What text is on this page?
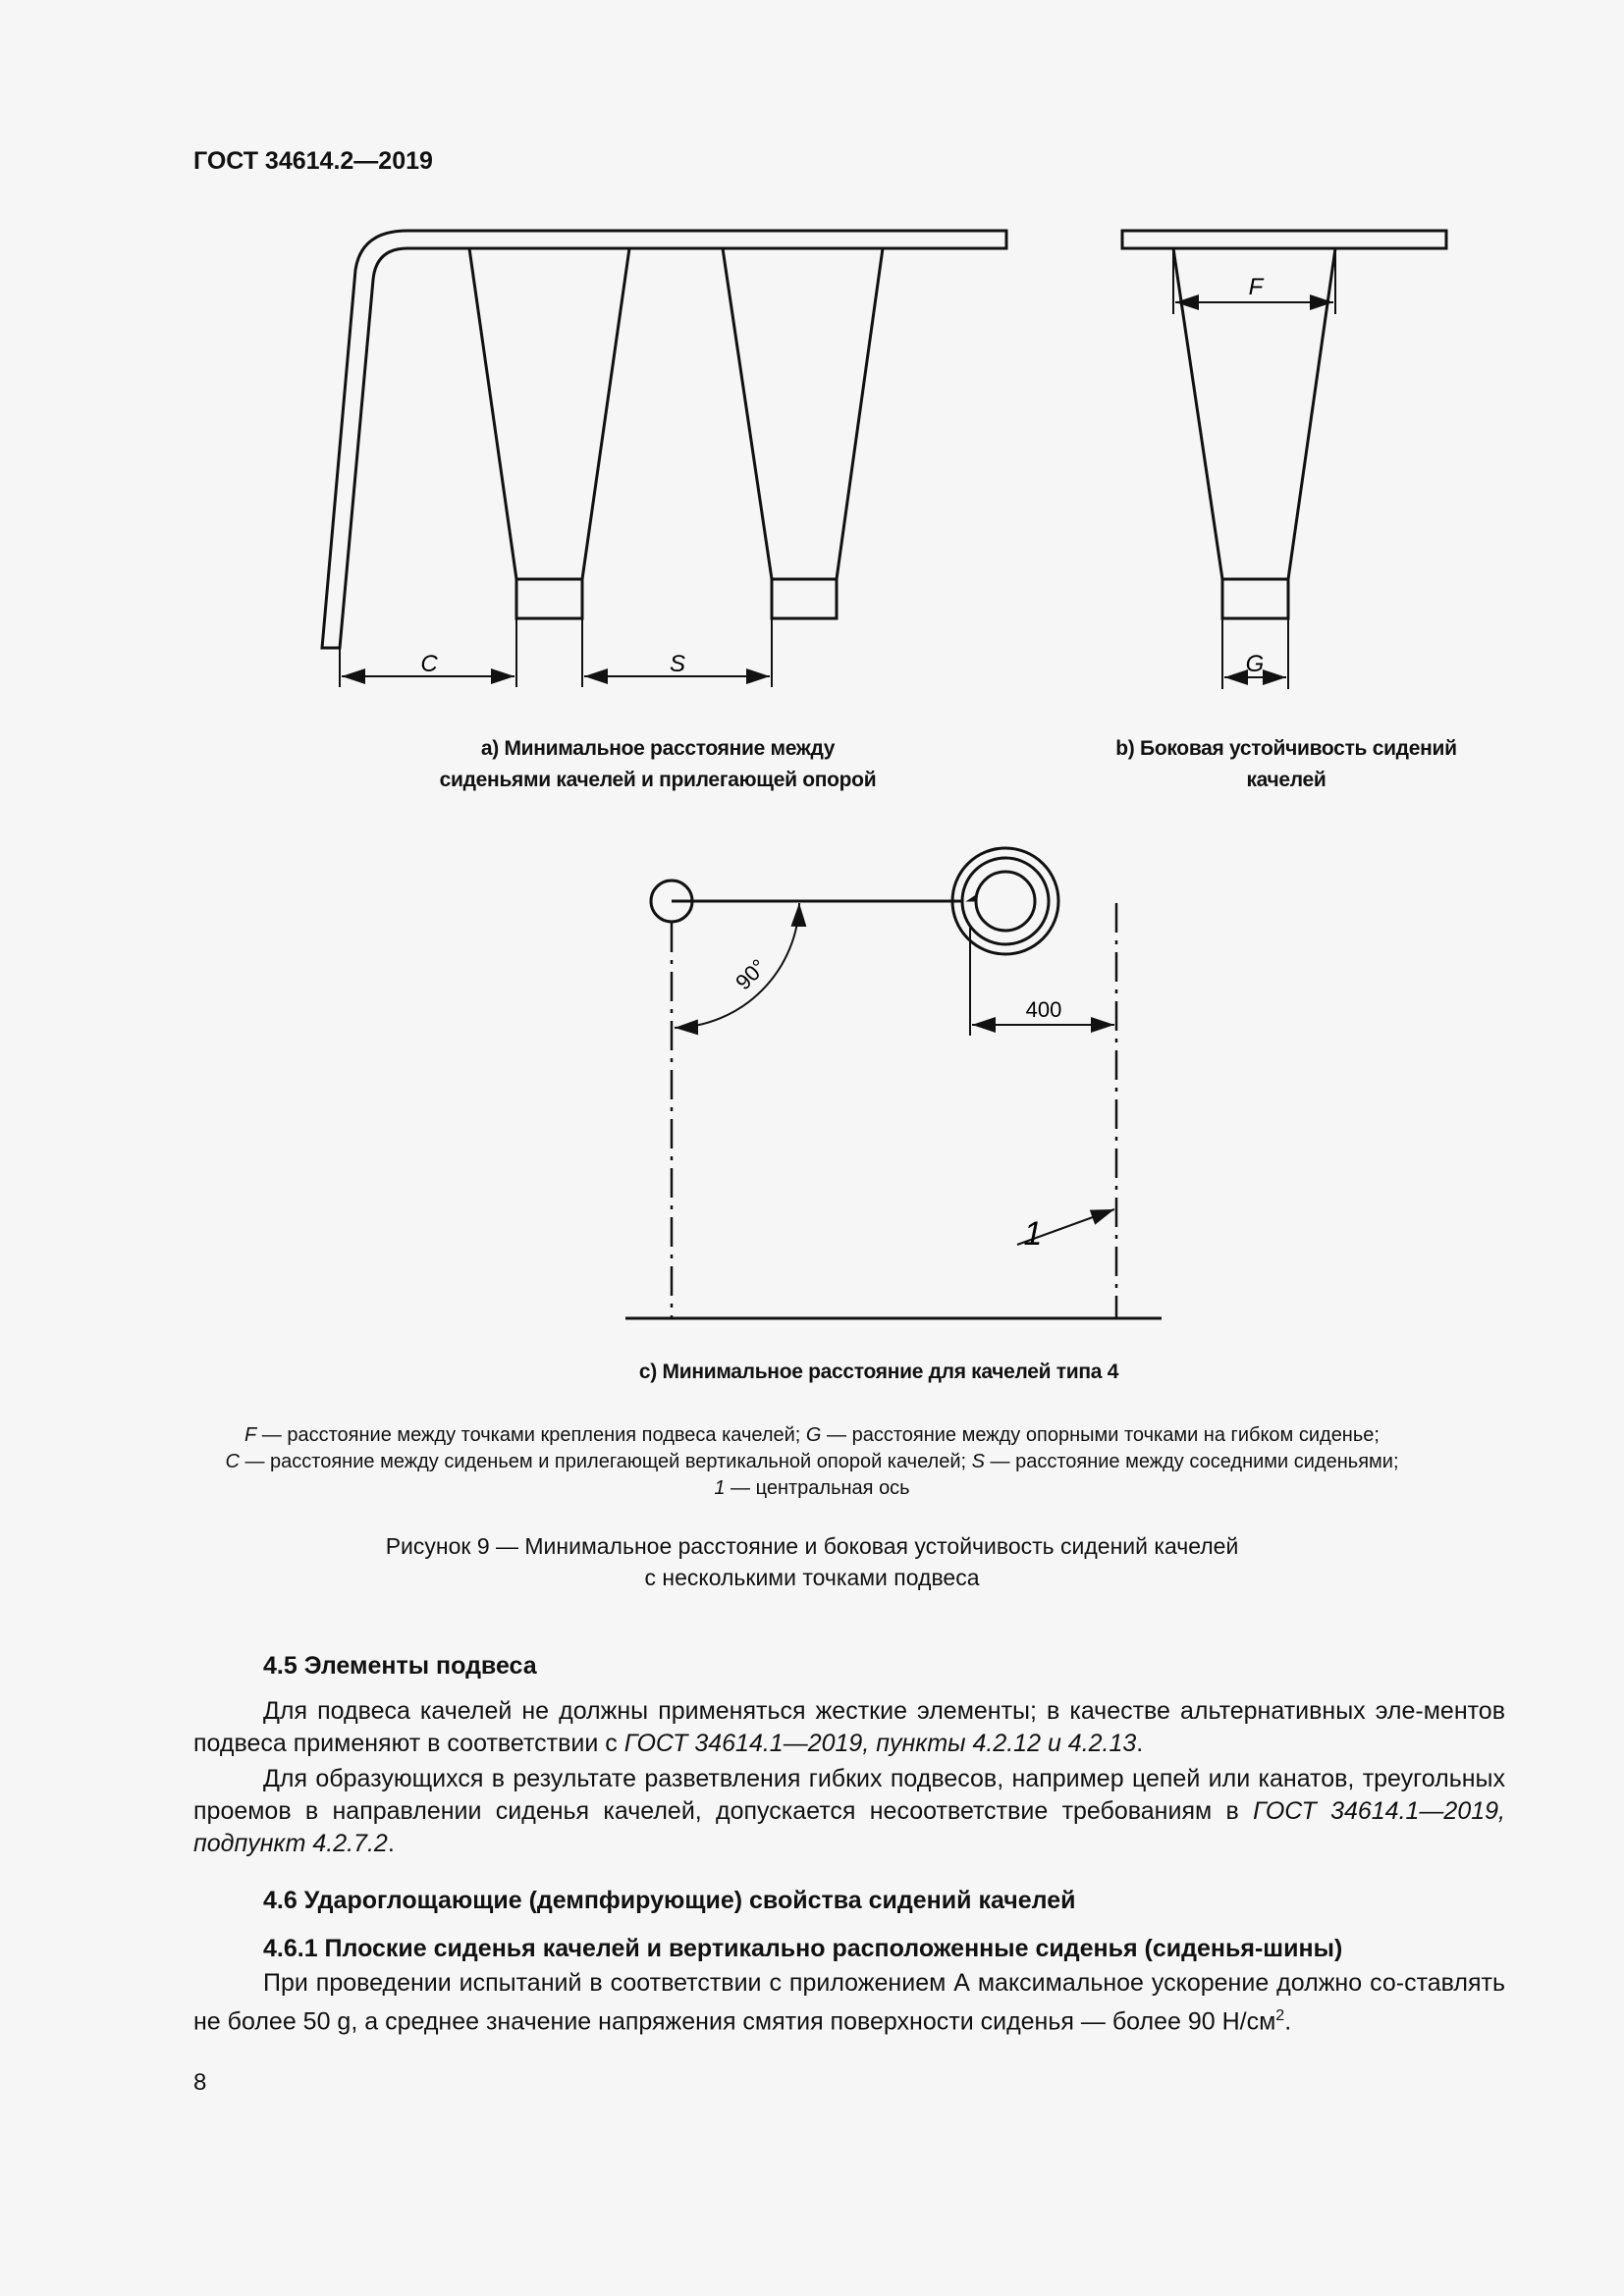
ГОСТ 34614.2—2019
C	S
F
G
90°
400
1
a) Минимальное расстояние между
сиденьями качелей и прилегающей опорой
b) Боковая устойчивость сидений
качелей
c) Минимальное расстояние для качелей типа 4
F — расстояние между точками крепления подвеса качелей; G — расстояние между опорными точками на гибком сиденье;
C — расстояние между сиденьем и прилегающей вертикальной опорой качелей; S — расстояние между соседними сиденьями;
1 — центральная ось
Рисунок 9 — Минимальное расстояние и боковая устойчивость сидений качелей
с несколькими точками подвеса
4.5 Элементы подвеса
Для подвеса качелей не должны применяться жесткие элементы; в качестве альтернативных эле-ментов подвеса применяют в соответствии с ГОСТ 34614.1—2019, пункты 4.2.12 и 4.2.13.
Для образующихся в результате разветвления гибких подвесов, например цепей или канатов, треугольных проемов в направлении сиденья качелей, допускается несоответствие требованиям в ГОСТ 34614.1—2019, подпункт 4.2.7.2.
4.6 Удароглощающие (демпфирующие) свойства сидений качелей
4.6.1 Плоские сиденья качелей и вертикально расположенные сиденья (сиденья-шины)
При проведении испытаний в соответствии с приложением А максимальное ускорение должно со-ставлять не более 50 g, а среднее значение напряжения смятия поверхности сиденья — более 90 $Н/см^2$.
8
